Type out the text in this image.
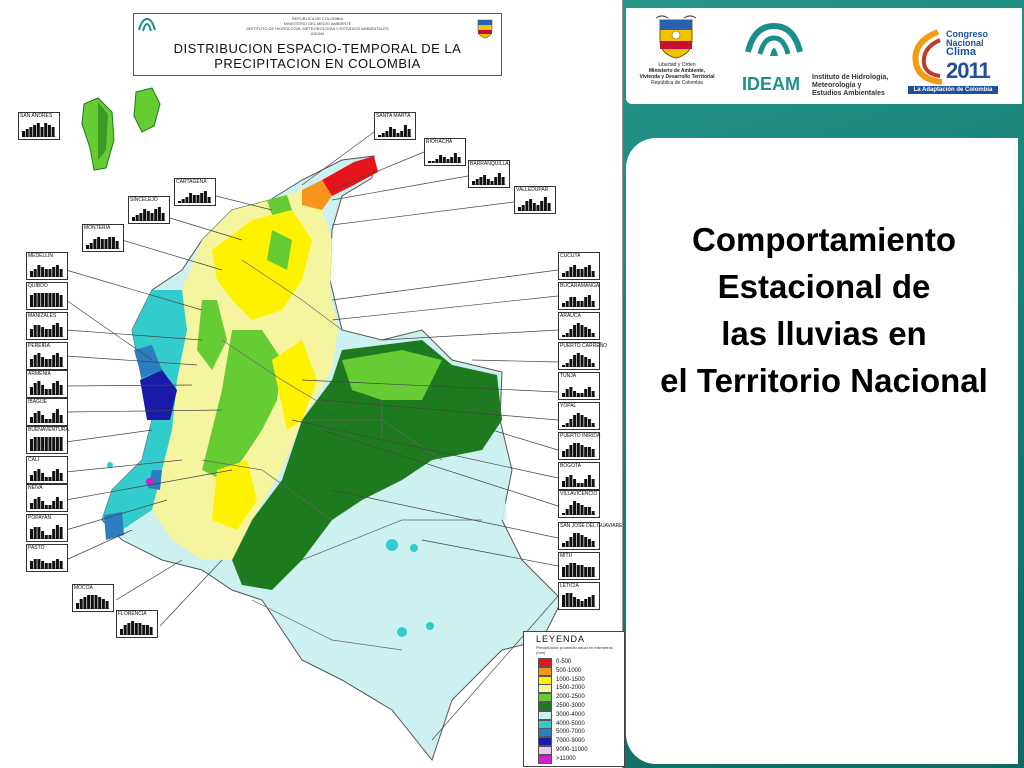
Libertad y Orden
Ministerio de Ambiente,
Vivienda y Desarrollo Territorial
República de Colombia	IDEAM Instituto de Hidrología,
Meteorología y
Estudios Ambientales
Congreso
Nacional
Clima
2011
La Adaptación de Colombia
Comportamiento
Estacional de
las lluvias en
el Territorio Nacional
REPUBLICA DE COLOMBIA
MINISTERIO DEL MEDIO AMBIENTE
INSTITUTO DE HIDROLOGIA, METEOROLOGIA Y ESTUDIOS AMBIENTALES
IDEAM
DISTRIBUCION ESPACIO-TEMPORAL DE LA
PRECIPITACION EN COLOMBIA
SAN ANDRES	SANTA MARTA
RIOHACHA
BARRANQUILLA
VALLEDUPAR
CARTAGENA
SINCELEJO
MONTERIA
MEDELLIN
QUIBDO
MANIZALES
PEREIRA
ARMENIA
IBAGUE
BUENAVENTURA
CALI
NEIVA
POPAYAN
PASTO
MOCOA
FLORENCIA
CUCUTA
BUCARAMANGA
ARAUCA
PUERTO CARREÑO
TUNJA
YOPAL
PUERTO INIRIDA
BOGOTA
VILLAVICENCIO
SAN JOSE DEL GUAVIARE
MITU
LETICIA
LEYENDA
Precipitación promedio anual en milímetros (mm)
0-500
500-1000
1000-1500
1500-2000
2000-2500
2500-3000
3000-4000
4000-5000
5000-7000
7000-9000
9000-11000
>11000
